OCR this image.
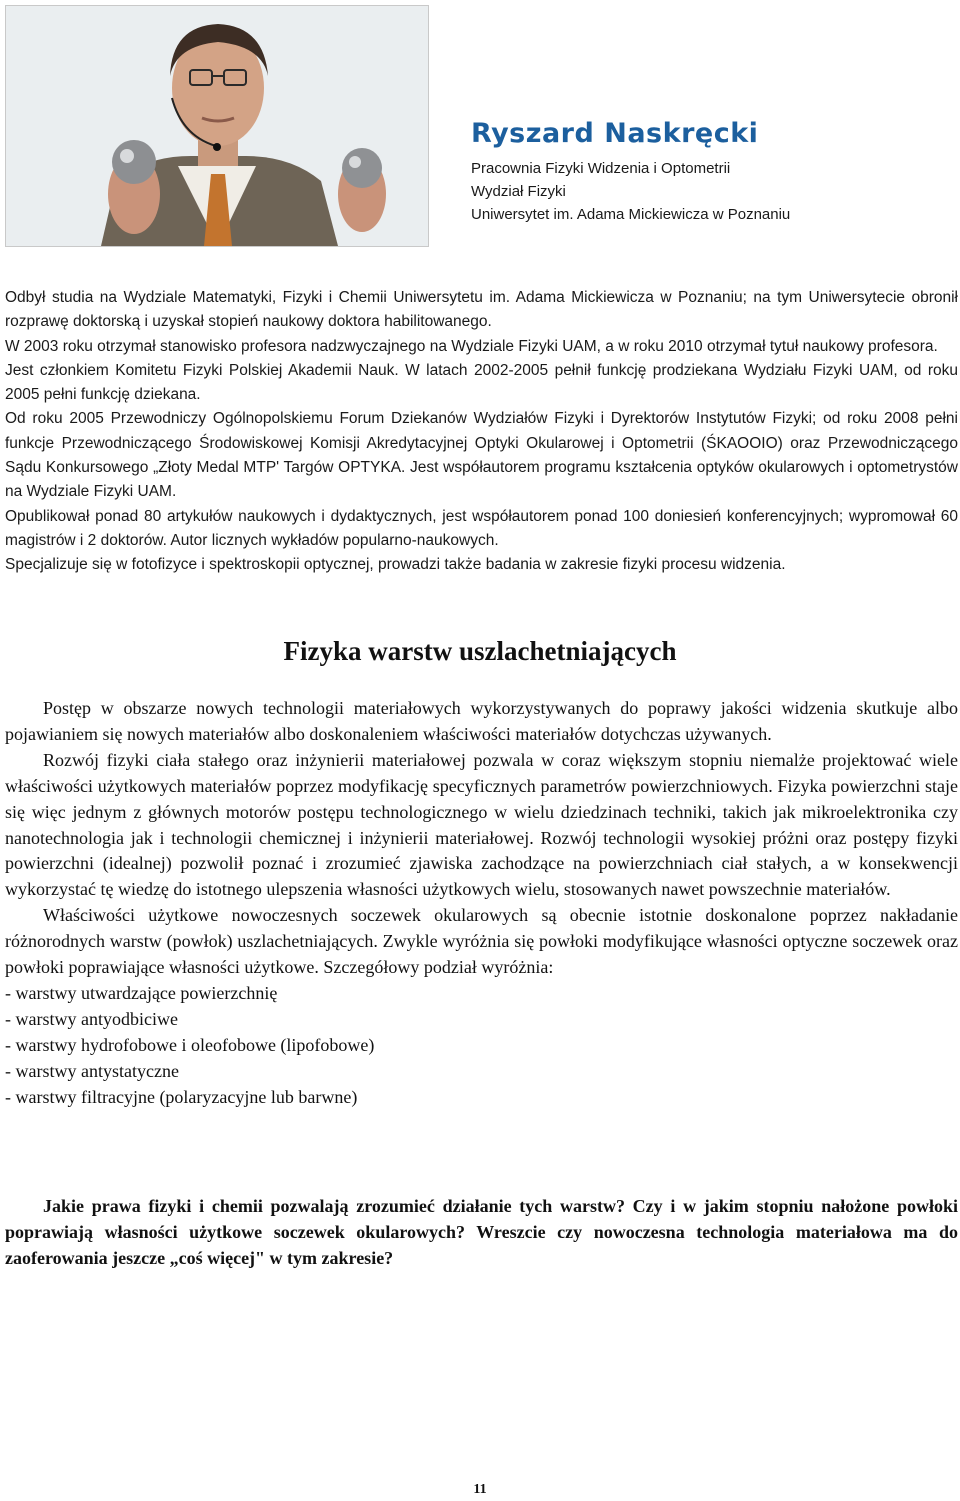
Ryszard Naskręcki
Pracownia Fizyki Widzenia i Optometrii
Wydział Fizyki
Uniwersytet im. Adama Mickiewicza w Poznaniu

Odbył studia na Wydziale Matematyki, Fizyki i Chemii Uniwersytetu im. Adama Mickiewicza w Poznaniu; na tym Uniwersytecie obronił rozprawę doktorską i uzyskał stopień naukowy doktora habilitowanego.

W 2003 roku otrzymał stanowisko profesora nadzwyczajnego na Wydziale Fizyki UAM, a w roku 2010 otrzymał tytuł naukowy profesora.

Jest członkiem Komitetu Fizyki Polskiej Akademii Nauk. W latach 2002-2005 pełnił funkcję prodziekana Wydziału Fizyki UAM, od roku 2005 pełni funkcję dziekana.

Od roku 2005 Przewodniczy Ogólnopolskiemu Forum Dziekanów Wydziałów Fizyki i Dyrektorów Instytutów Fizyki; od roku 2008 pełni funkcje Przewodniczącego Środowiskowej Komisji Akredytacyjnej Optyki Okularowej i Optometrii (ŚKAOOIO) oraz Przewodniczącego Sądu Konkursowego „Złoty Medal MTP' Targów OPTYKA. Jest współautorem programu kształcenia optyków okularowych i optometrystów na Wydziale Fizyki UAM.

Opublikował ponad 80 artykułów naukowych i dydaktycznych, jest współautorem ponad 100 doniesień konferencyjnych; wypromował 60 magistrów i 2 doktorów. Autor licznych wykładów popularno-naukowych.

Specjalizuje się w fotofizyce i spektroskopii optycznej, prowadzi także badania w zakresie fizyki procesu widzenia.

Fizyka warstw uszlachetniających

Postęp w obszarze nowych technologii materiałowych wykorzystywanych do poprawy jakości widzenia skutkuje albo pojawianiem się nowych materiałów albo doskonaleniem właściwości materiałów dotychczas używanych.

Rozwój fizyki ciała stałego oraz inżynierii materiałowej pozwala w coraz większym stopniu niemalże projektować wiele właściwości użytkowych materiałów poprzez modyfikację specyficznych parametrów powierzchniowych. Fizyka powierzchni staje się więc jednym z głównych motorów postępu technologicznego w wielu dziedzinach techniki, takich jak mikroelektronika czy nanotechnologia jak i technologii chemicznej i inżynierii materiałowej. Rozwój technologii wysokiej próżni oraz postępy fizyki powierzchni (idealnej) pozwolił poznać i zrozumieć zjawiska zachodzące na powierzchniach ciał stałych, a w konsekwencji wykorzystać tę wiedzę do istotnego ulepszenia własności użytkowych wielu, stosowanych nawet powszechnie materiałów.

Właściwości użytkowe nowoczesnych soczewek okularowych są obecnie istotnie doskonalone poprzez nakładanie różnorodnych warstw (powłok) uszlachetniających. Zwykle wyróżnia się powłoki modyfikujące własności optyczne soczewek oraz powłoki poprawiające własności użytkowe. Szczegółowy podział wyróżnia:

- warstwy utwardzające powierzchnię
- warstwy antyodbiciwe
- warstwy hydrofobowe i oleofobowe (lipofobowe)
- warstwy antystatyczne
- warstwy filtracyjne (polaryzacyjne lub barwne)
Jakie prawa fizyki i chemii pozwalają zrozumieć działanie tych warstw? Czy i w jakim stopniu nałożone powłoki poprawiają własności użytkowe soczewek okularowych? Wreszcie czy nowoczesna technologia materiałowa ma do zaoferowania jeszcze „coś więcej" w tym zakresie?
11
